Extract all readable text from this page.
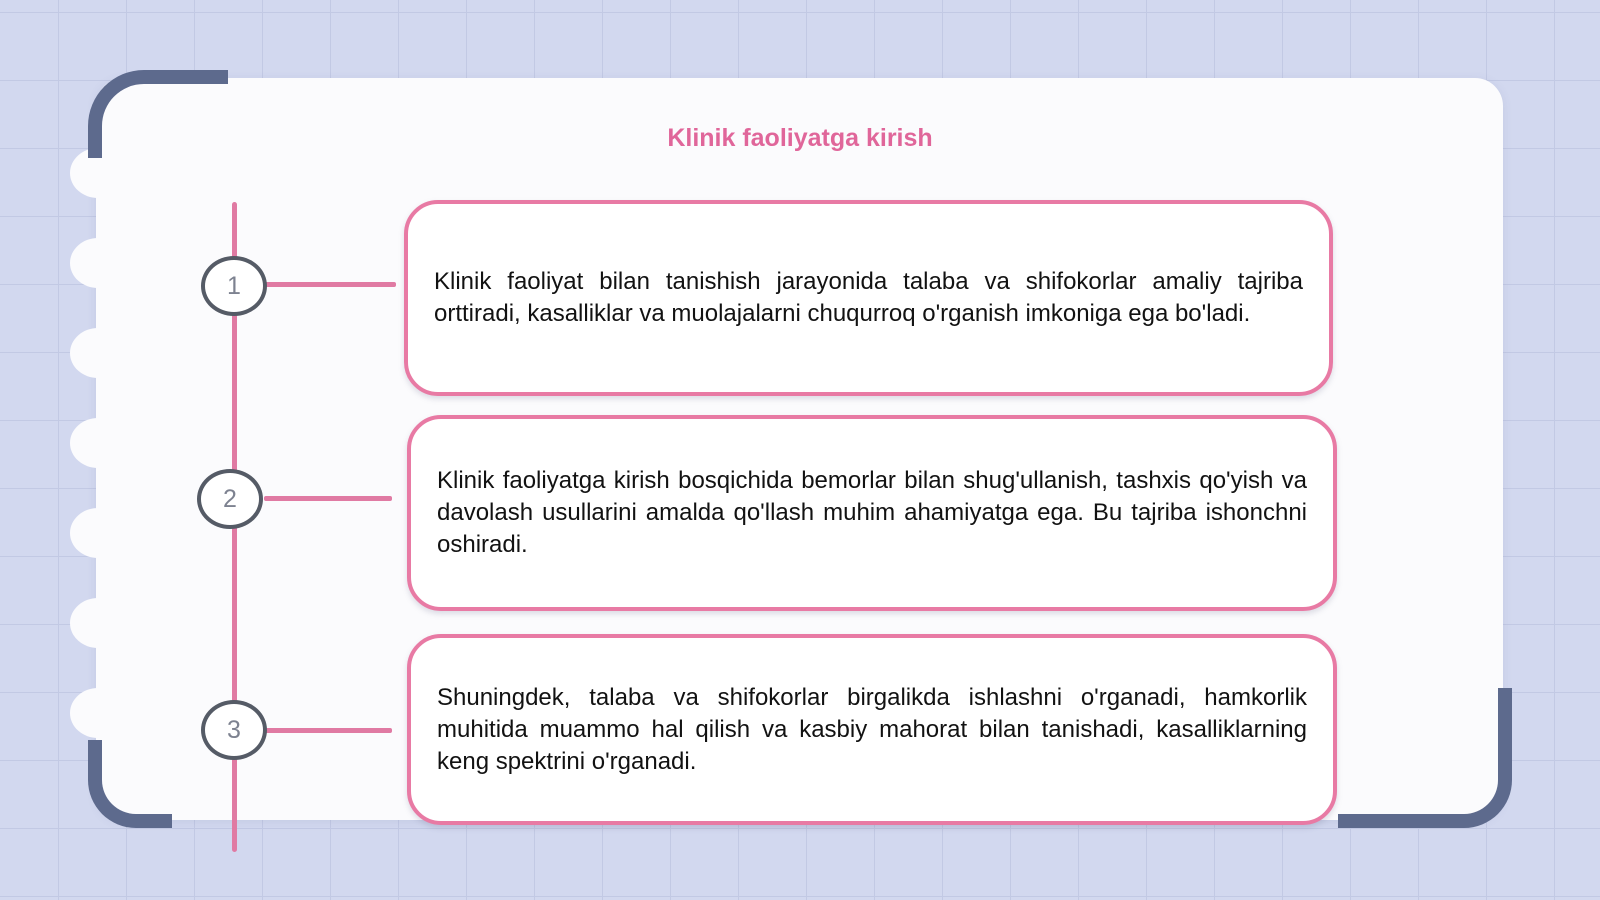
Klinik faoliyatga kirish
1
2
3

Klinik faoliyat bilan tanishish jarayonida talaba va shifokorlar amaliy tajriba orttiradi, kasalliklar va muolajalarni chuqurroq o'rganish imkoniga ega bo'ladi.

Klinik faoliyatga kirish bosqichida bemorlar bilan shug'ullanish, tashxis qo'yish va davolash usullarini amalda qo'llash muhim ahamiyatga ega. Bu tajriba ishonchni oshiradi.

Shuningdek, talaba va shifokorlar birgalikda ishlashni o'rganadi, hamkorlik muhitida muammo hal qilish va kasbiy mahorat bilan tanishadi, kasalliklarning keng spektrini o'rganadi.
